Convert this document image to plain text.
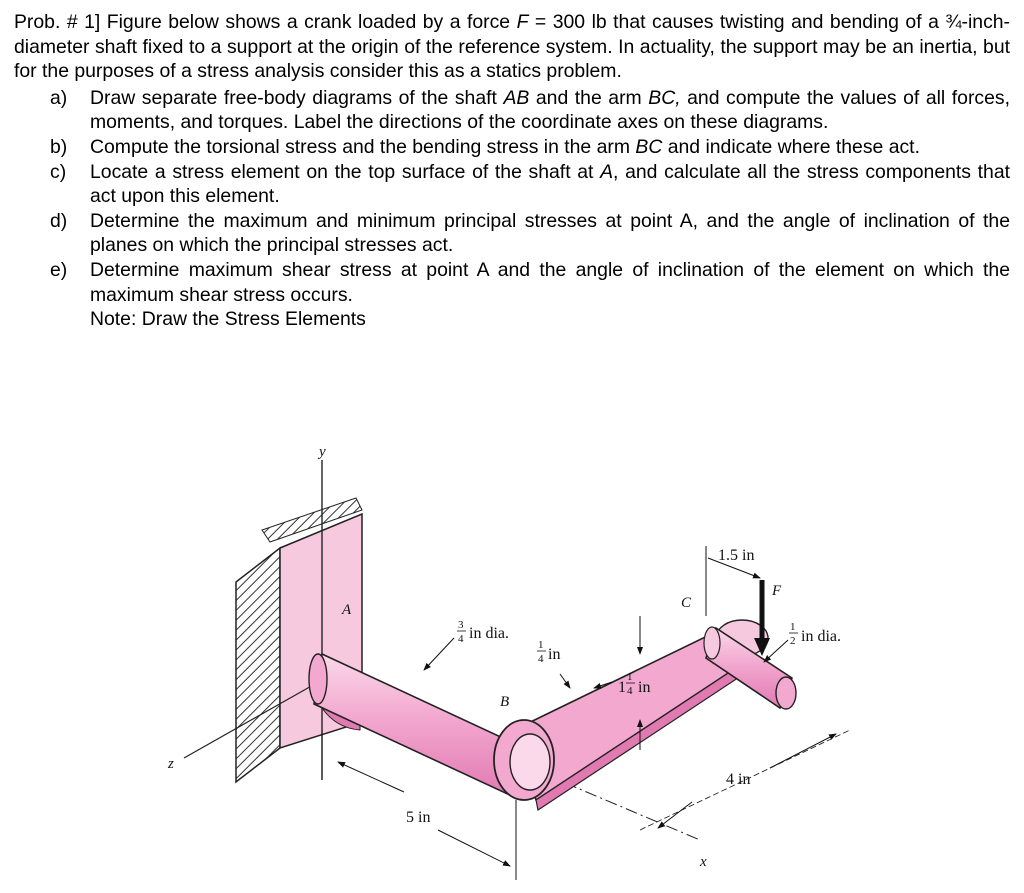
Prob. # 1] Figure below shows a crank loaded by a force F = 300 lb that causes twisting and bending of a ¾-inch-diameter shaft fixed to a support at the origin of the reference system. In actuality, the support may be an inertia, but for the purposes of a stress analysis consider this as a statics problem.
a) Draw separate free-body diagrams of the shaft AB and the arm BC, and compute the values of all forces, moments, and torques. Label the directions of the coordinate axes on these diagrams.
b) Compute the torsional stress and the bending stress in the arm BC and indicate where these act.
c) Locate a stress element on the top surface of the shaft at A, and calculate all the stress components that act upon this element.
d) Determine the maximum and minimum principal stresses at point A, and the angle of inclination of the planes on which the principal stresses act.
e) Determine maximum shear stress at point A and the angle of inclination of the element on which the maximum shear stress occurs.
Note: Draw the Stress Elements
y
z
x
A
B
C
F
1.5 in
3
4 in dia.
1
4 in
1
1
4 in
1
2 in dia.
4 in
5 in
